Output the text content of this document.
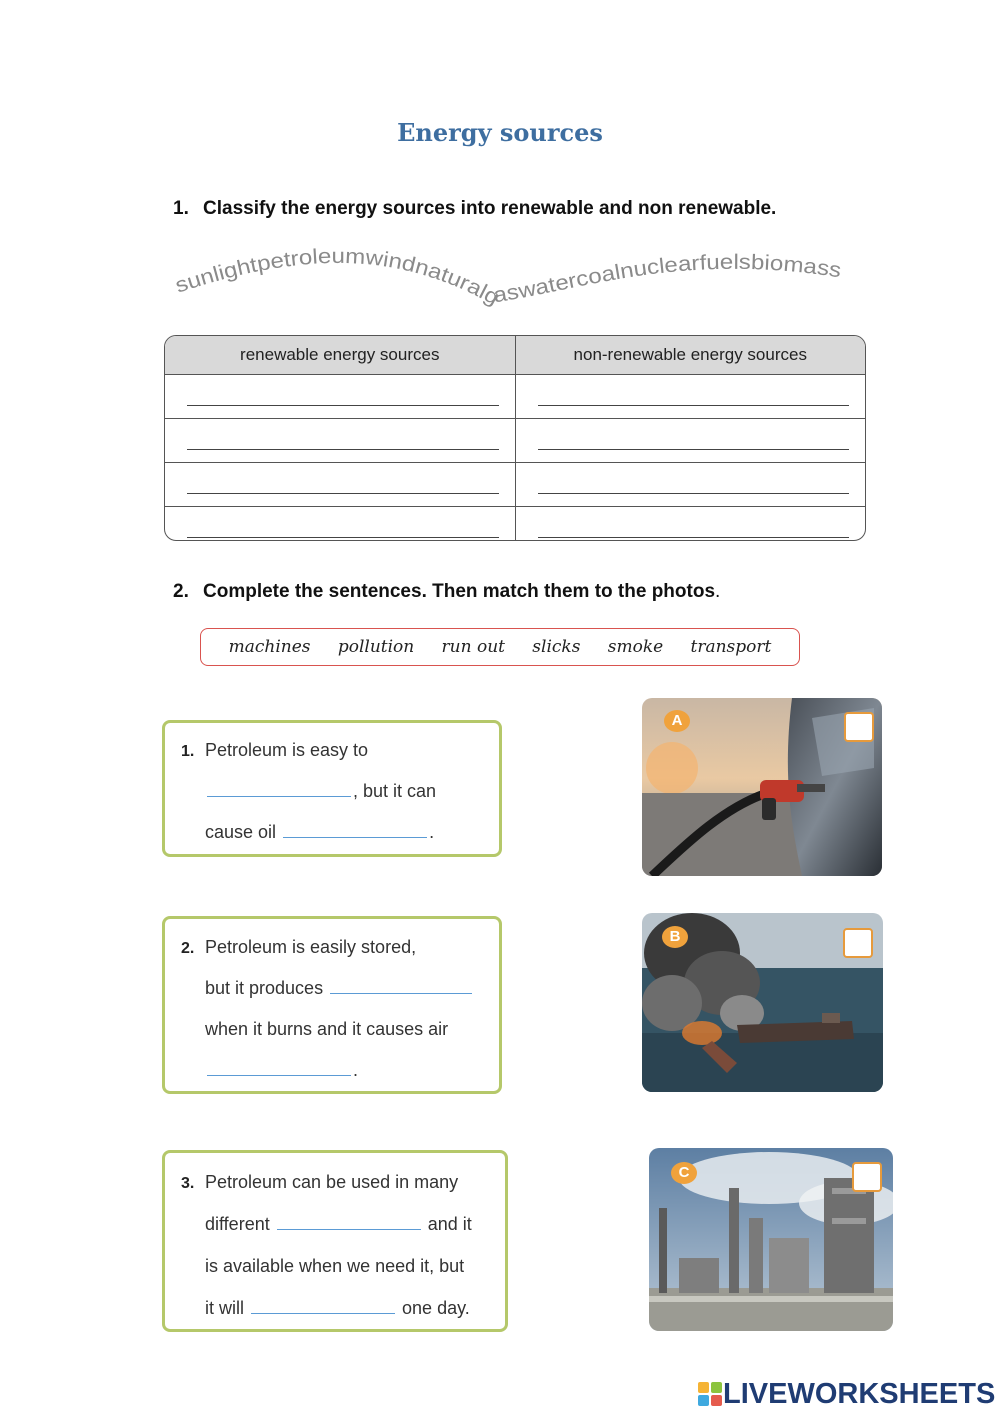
Energy sources
1. Classify the energy sources into renewable and non renewable.
sunlightpetroleumwindnaturalgaswatercoalnuclearfuelsbiomass
renewable energy sources	non-renewable energy sources

2. Complete the sentences. Then match them to the photos.
machines pollution run out slicks smoke transport
1. Petroleum is easy to
, but it can
cause oil	.
2. Petroleum is easily stored,
but it produces
when it burns and it causes air
.
3. Petroleum can be used in many
different	and it
is available when we need it, but
it will	one day.
A
B
C
LIVEWORKSHEETS
